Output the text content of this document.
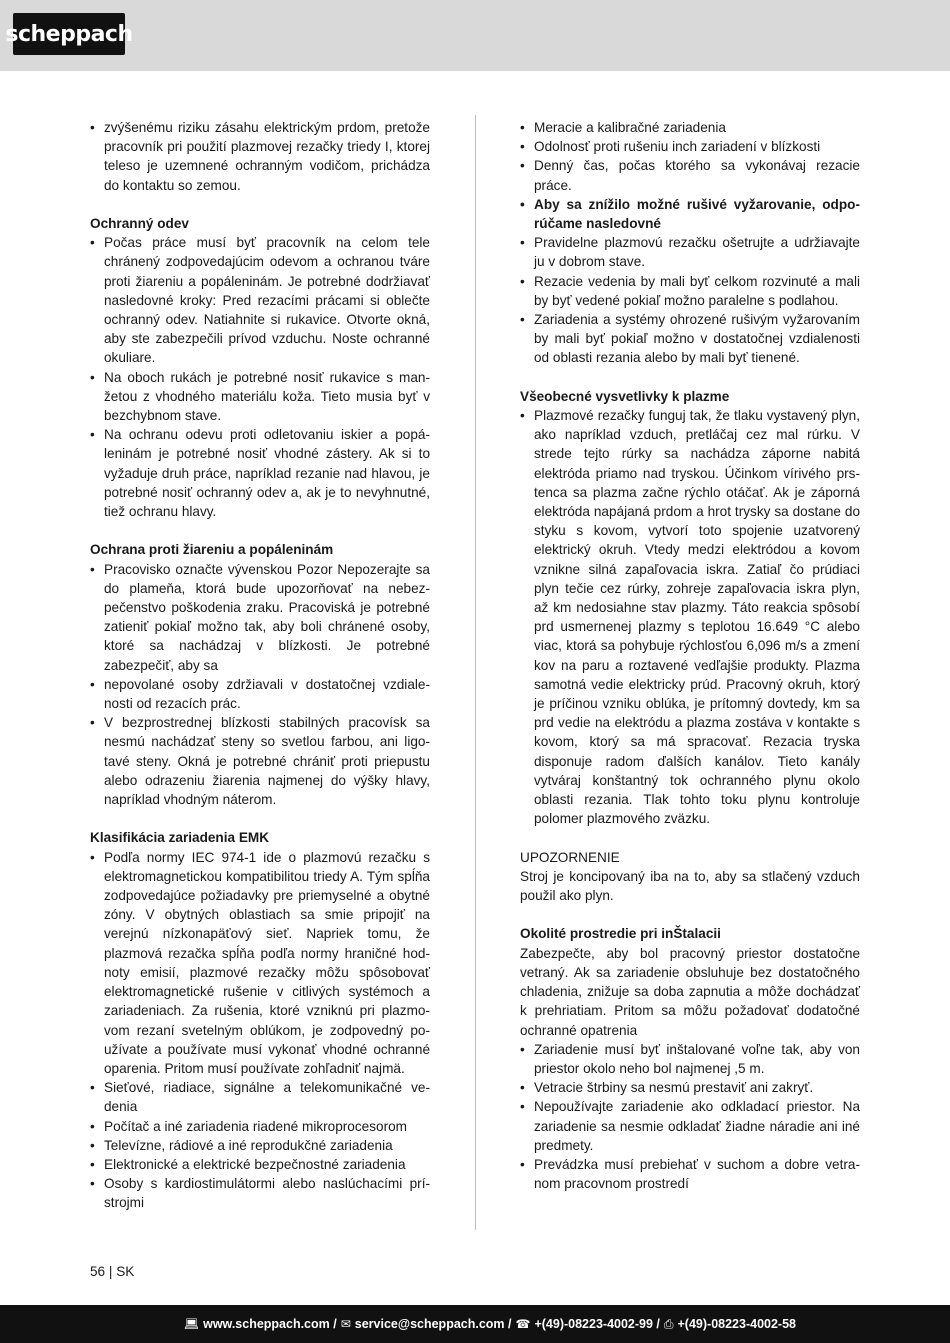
scheppach
• zvýšenému riziku zásahu elektrickým prdom, pretože pracovník pri použití plazmovej rezačky triedy I, ktorej teleso je uzemnené ochranným vodičom, prichádza do kontaktu so zemou.
Ochranný odev
• Počas práce musí byť pracovník na celom tele chránený zodpovedajúcim odevom a ochranou tváre proti žiareniu a popáleninám. Je potrebné dodržiavať nasledovné kroky: Pred rezacími prácami si oblečte ochranný odev. Natiahnite si rukavice. Otvorte okná, aby ste zabezpečili prívod vzduchu. Noste ochranné okuliare.
• Na oboch rukách je potrebné nosiť rukavice s manžetou z vhodného materiálu koža. Tieto musia byť v bezchybnom stave.
• Na ochranu odevu proti odletovaniu iskier a popáleninám je potrebné nosiť vhodné zástery. Ak si to vyžaduje druh práce, napríklad rezanie nad hlavou, je potrebné nosiť ochranný odev a, ak je to nevyhnutné, tiež ochranu hlavy.
Ochrana proti žiareniu a popáleninám
• Pracovisko označte vývenskou Pozor Nepozerajte sa do plameňa, ktorá bude upozorňovať na nebezpečenstvo poškodenia zraku. Pracoviská je potrebné zatieniť pokiaľ možno tak, aby boli chránené osoby, ktoré sa nachádzaj v blízkosti. Je potrebné zabezpečiť, aby sa
• nepovolané osoby zdržiavali v dostatočnej vzdialenosti od rezacích prác.
• V bezprostrednej blízkosti stabilných pracovísk sa nesmú nachádzať steny so svetlou farbou, ani ligotavé steny. Okná je potrebné chrániť proti priepustu alebo odrazeniu žiarenia najmenej do výšky hlavy, napríklad vhodným náterom.
Klasifikácia zariadenia EMK
• Podľa normy IEC 974-1 ide o plazmovú rezačku s elektromagnetickou kompatibilitou triedy A. Tým spĺňa zodpovedajúce požiadavky pre priemyselné a obytné zóny. V obytných oblastiach sa smie pripojiť na verejnú nízkonapäťový sieť. Napriek tomu, že plazmová rezačka spĺňa podľa normy hraničné hodnoty emisií, plazmové rezačky môžu spôsobovať elektromagnetické rušenie v citlivých systémoch a zariadeniach. Za rušenia, ktoré vzniknú pri plazmovom rezaní svetelným oblúkom, je zodpovedný používate a používate musí vykonať vhodné ochranné oparenia. Pritom musí používate zohľadniť najmä.
• Sieťové, riadiace, signálne a telekomunikačné vedenia
• Počítač a iné zariadenia riadené mikroprocesorom
• Televízne, rádiové a iné reprodukčné zariadenia
• Elektronické a elektrické bezpečnostné zariadenia
• Osoby s kardiostimulátormi alebo naslúchacími prístrojmi
• Meracie a kalibračné zariadenia
• Odolnosť proti rušeniu inch zariadení v blízkosti
• Denný čas, počas ktorého sa vykonávaj rezacie práce.
• Aby sa znížilo možné rušivé vyžarovanie, odporúčame nasledovné
• Pravidelne plazmovú rezačku ošetrujte a udržiavajte ju v dobrom stave.
• Rezacie vedenia by mali byť celkom rozvinuté a mali by byť vedené pokiaľ možno paralelne s podlahou.
• Zariadenia a systémy ohrozené rušivým vyžarovaním by mali byť pokiaľ možno v dostatočnej vzdialenosti od oblasti rezania alebo by mali byť tienené.
Všeobecné vysvetlivky k plazme
• Plazmové rezačky funguj tak, že tlaku vystavený plyn, ako napríklad vzduch, pretláčaj cez mal rúrku. V strede tejto rúrky sa nachádza záporne nabitá elektróda priamo nad tryskou. Účinkom vírivého prstenca sa plazma začne rýchlo otáčať. Ak je záporná elektróda napájaná prdom a hrot trysky sa dostane do styku s kovom, vytvorí toto spojenie uzatvorený elektrický okruh. Vtedy medzi elektródou a kovom vznikne silná zapaľovacia iskra. Zatiaľ čo prúdiaci plyn tečie cez rúrky, zohreje zapaľovacia iskra plyn, až km nedosiahne stav plazmy. Táto reakcia spôsobí prd usmernenej plazmy s teplotou 16.649 °C alebo viac, ktorá sa pohybuje rýchlosťou 6,096 m/s a zmení kov na paru a roztavené vedľajšie produkty. Plazma samotná vedie elektricky prúd. Pracovný okruh, ktorý je príčinou vzniku oblúka, je prítomný dovtedy, km sa prd vedie na elektródu a plazma zostáva v kontakte s kovom, ktorý sa má spracovať. Rezacia tryska disponuje radom ďalších kanálov. Tieto kanály vytváraj konštantný tok ochranného plynu okolo oblasti rezania. Tlak tohto toku plynu kontroluje polomer plazmového zväzku.

UPOZORNENIE

Stroj je koncipovaný iba na to, aby sa stlačený vzduch použil ako plyn.

Okolité prostredie pri inŠtalacii

Zabezpečte, aby bol pracovný priestor dostatočne vetraný. Ak sa zariadenie obsluhuje bez dostatočného chladenia, znižuje sa doba zapnutia a môže dochádzať k prehriatiam. Pritom sa môžu požadovať dodatočné ochranné opatrenia

• Zariadenie musí byť inštalované voľne tak, aby von priestor okolo neho bol najmenej ,5 m.
• Vetracie štrbiny sa nesmú prestaviť ani zakryť.
• Nepoužívajte zariadenie ako odkladací priestor. Na zariadenie sa nesmie odkladať žiadne náradie ani iné predmety.
• Prevádzka musí prebiehať v suchom a dobre vetranom pracovnom prostredí
56 | SK
💻︎ www.scheppach.com / ✉ service@scheppach.com / ☎ +(49)-08223-4002-99 / ⎙ +(49)-08223-4002-58
